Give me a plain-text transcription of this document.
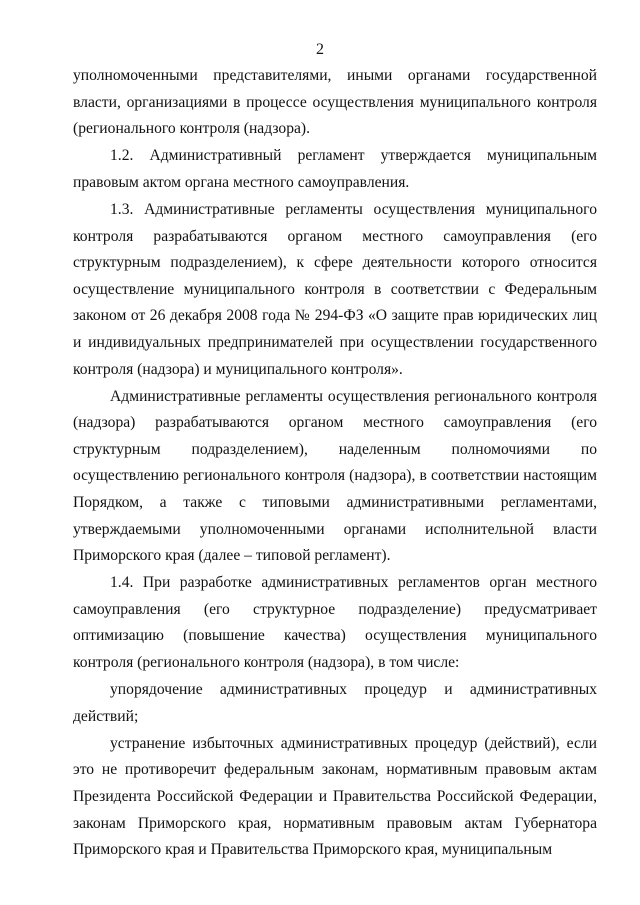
2

уполномоченными представителями, иными органами государственной власти, организациями в процессе осуществления муниципального контроля (регионального контроля (надзора).

1.2. Административный регламент утверждается муниципальным правовым актом органа местного самоуправления.

1.3. Административные регламенты осуществления муниципального контроля разрабатываются органом местного самоуправления (его структурным подразделением), к сфере деятельности которого относится осуществление муниципального контроля в соответствии с Федеральным законом от 26 декабря 2008 года № 294-ФЗ «О защите прав юридических лиц и индивидуальных предпринимателей при осуществлении государственного контроля (надзора) и муниципального контроля».

Административные регламенты осуществления регионального контроля (надзора) разрабатываются органом местного самоуправления (его структурным подразделением), наделенным полномочиями по осуществлению регионального контроля (надзора), в соответствии настоящим Порядком, а также с типовыми административными регламентами, утверждаемыми уполномоченными органами исполнительной власти Приморского края (далее – типовой регламент).

1.4. При разработке административных регламентов орган местного самоуправления (его структурное подразделение) предусматривает оптимизацию (повышение качества) осуществления муниципального контроля (регионального контроля (надзора), в том числе:

упорядочение административных процедур и административных действий;

устранение избыточных административных процедур (действий), если это не противоречит федеральным законам, нормативным правовым актам Президента Российской Федерации и Правительства Российской Федерации, законам Приморского края, нормативным правовым актам Губернатора Приморского края и Правительства Приморского края, муниципальным
